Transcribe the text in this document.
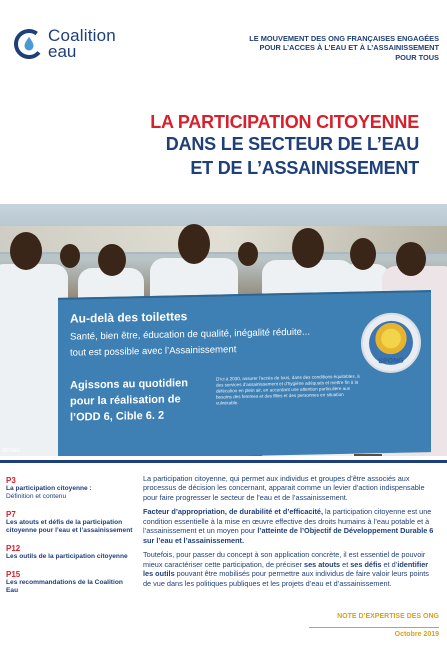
Coalition
eau
LE MOUVEMENT DES ONG FRANÇAISES ENGAGÉES
POUR L’ACCES À L’EAU ET À L’ASSAINISSEMENT
POUR TOUS
LA PARTICIPATION CITOYENNE
DANS LE SECTEUR DE L’EAU
ET DE L’ASSAINISSEMENT
Au-delà des toilettes
Santé, bien être, éducation de qualité, inégalité réduite...
tout est possible avec l’Assainissement
Agissons au quotidien
pour la réalisation de
l’ODD 6, Cible 6. 2
D'ici à 2030, assurer l'accès de tous, dans des conditions équitables, à des services d'assainissement et d'hygiène adéquats et mettre fin à la défécation en plein air, en accordant une attention particulière aux besoins des femmes et des filles et des personnes en situation vulnérable.
SPONG
SPONG
P3
La participation citoyenne :
Définition et contenu
P7
Les atouts et défis de la participation citoyenne pour l’eau et l’assainissement
P12
Les outils de la participation citoyenne
P15
Les recommandations de la Coalition Eau

La participation citoyenne, qui permet aux individus et groupes d’être associés aux processus de décision les concernant, apparait comme un levier d’action indispensable pour faire progresser le secteur de l’eau et de l’assainissement.

Facteur d’appropriation, de durabilité et d’efficacité, la participation citoyenne est une condition essentielle à la mise en œuvre effective des droits humains à l’eau potable et à l’assainissement et un moyen pour l’atteinte de l’Objectif de Développement Durable 6 sur l’eau et l’assainissement.

Toutefois, pour passer du concept à son application concrète, il est essentiel de pouvoir mieux caractériser cette participation, de préciser ses atouts et ses défis et d’identifier les outils pouvant être mobilisés pour permettre aux individus de faire valoir leurs points de vue dans les politiques publiques et les projets d’eau et d’assainissement.

NOTE D’EXPERTISE DES ONG
Octobre 2019
